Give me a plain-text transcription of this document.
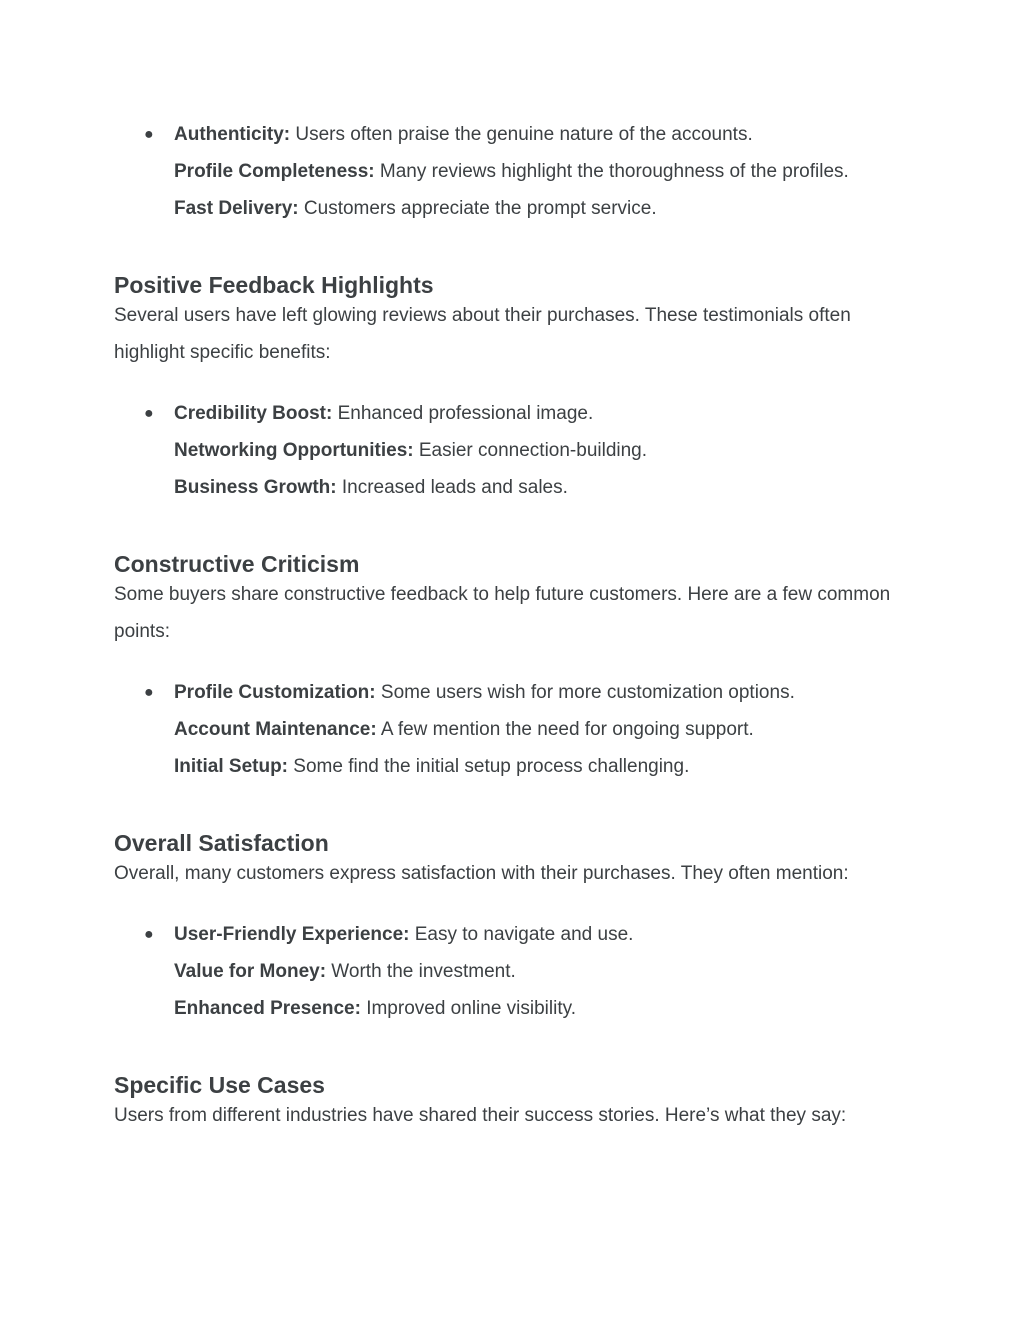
● Authenticity: Users often praise the genuine nature of the accounts.
Profile Completeness: Many reviews highlight the thoroughness of the profiles.
Fast Delivery: Customers appreciate the prompt service.
Positive Feedback Highlights

Several users have left glowing reviews about their purchases. These testimonials often highlight specific benefits:

● Credibility Boost: Enhanced professional image.
Networking Opportunities: Easier connection-building.
Business Growth: Increased leads and sales.
Constructive Criticism

Some buyers share constructive feedback to help future customers. Here are a few common points:

● Profile Customization: Some users wish for more customization options.
Account Maintenance: A few mention the need for ongoing support.
Initial Setup: Some find the initial setup process challenging.
Overall Satisfaction

Overall, many customers express satisfaction with their purchases. They often mention:

● User-Friendly Experience: Easy to navigate and use.
Value for Money: Worth the investment.
Enhanced Presence: Improved online visibility.
Specific Use Cases

Users from different industries have shared their success stories. Here’s what they say:
